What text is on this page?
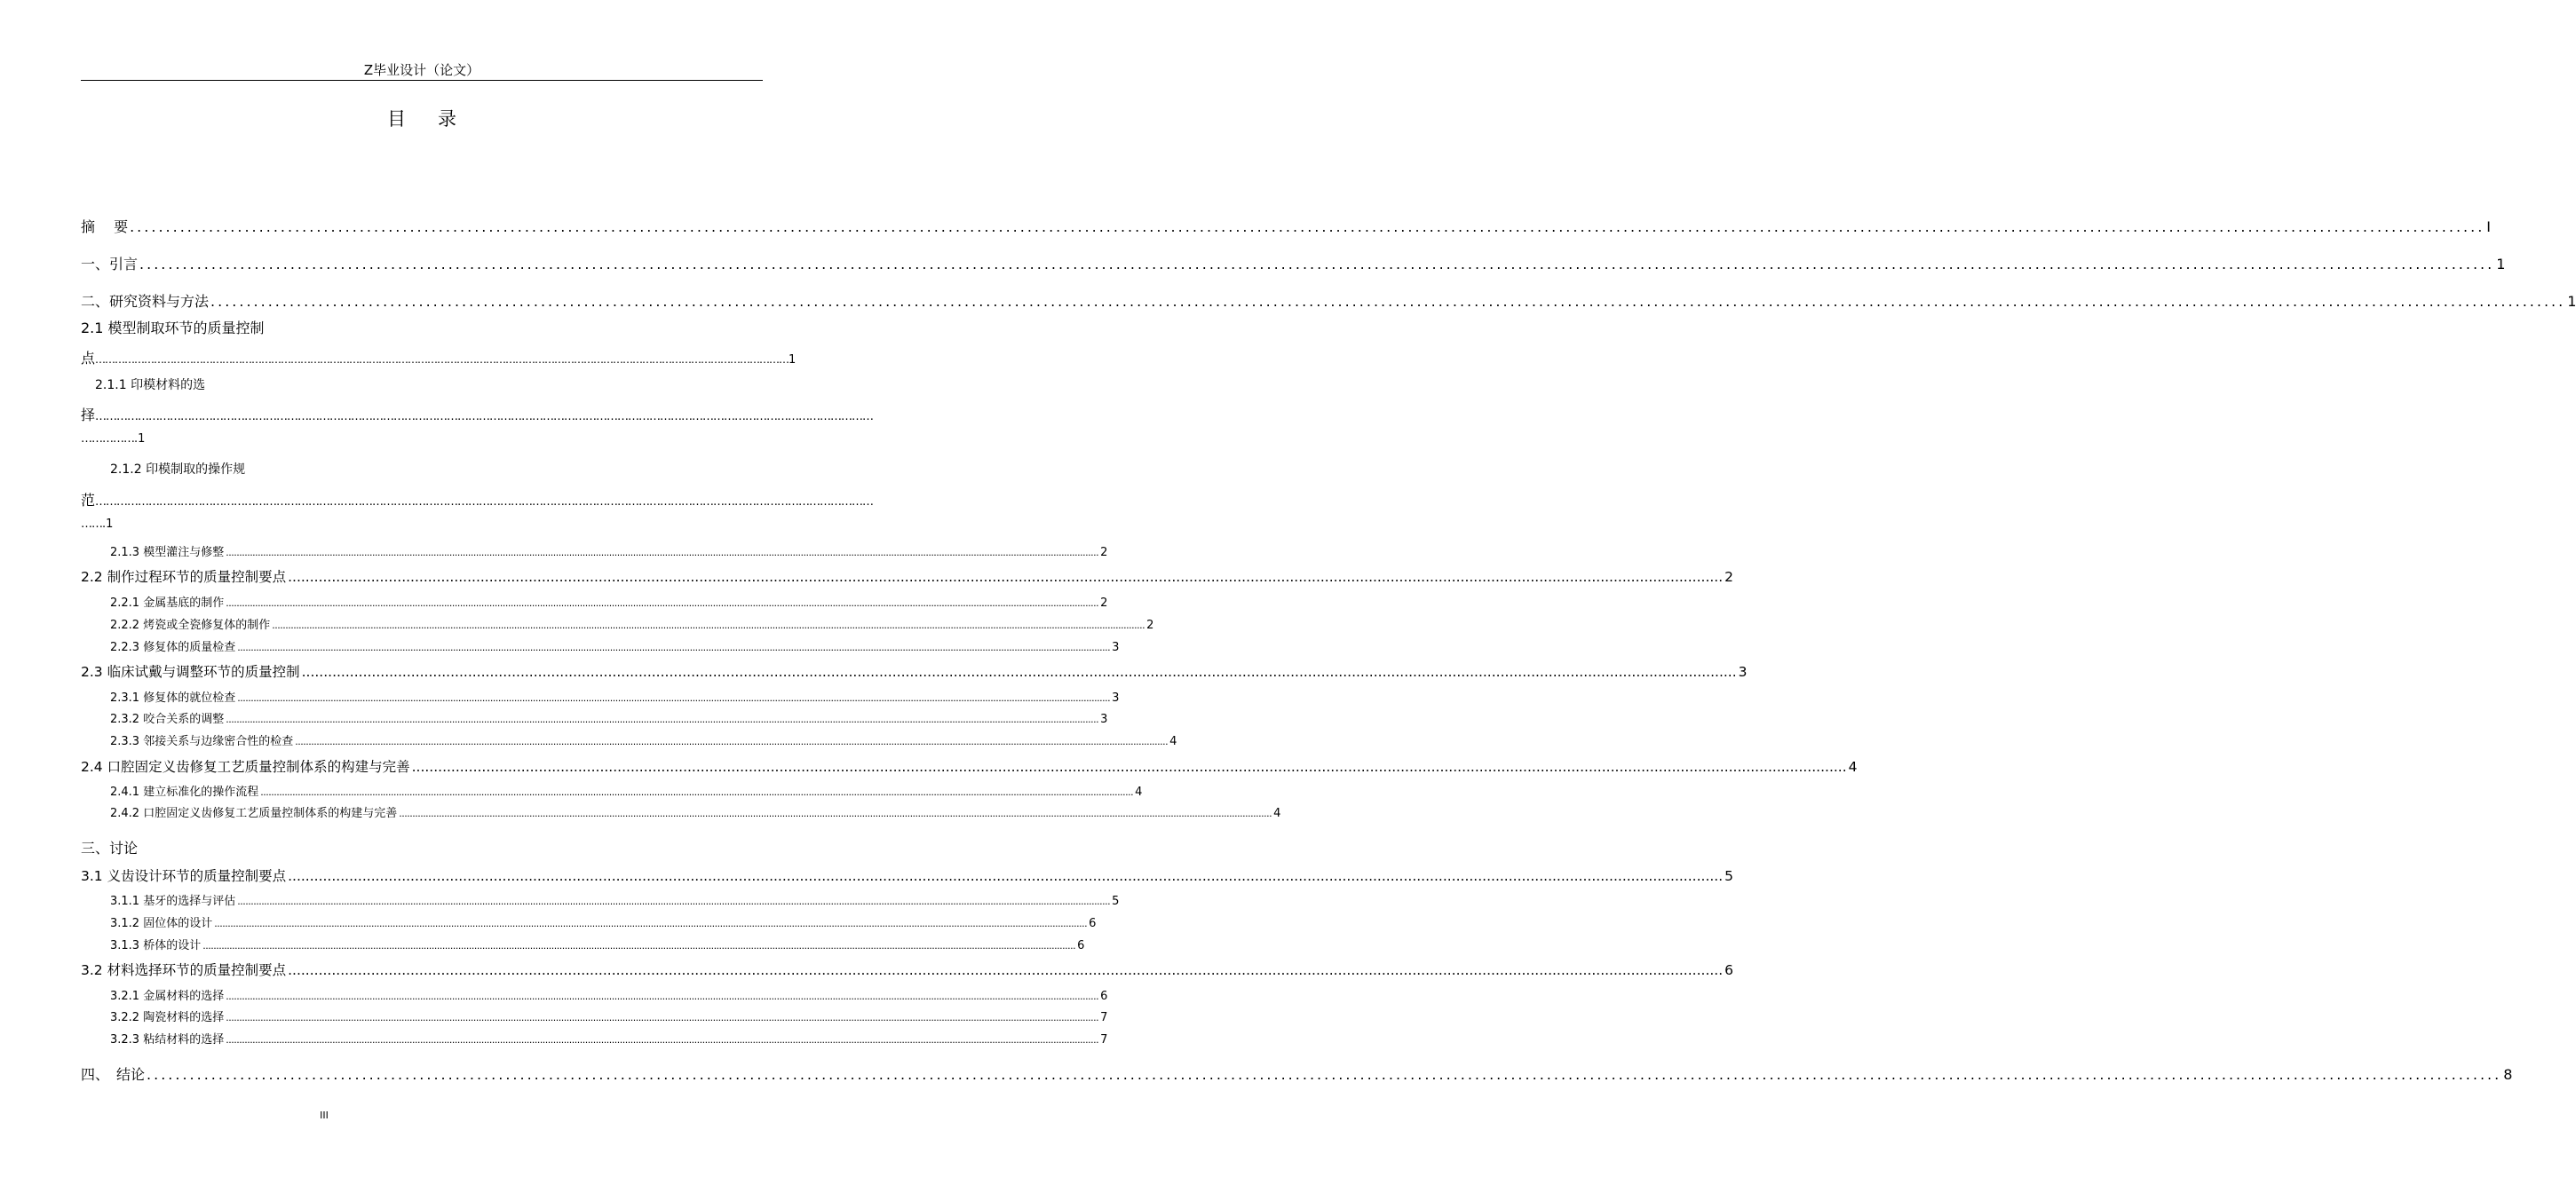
Z毕业设计（论文）
目录
摘　 要 .....	I
一、引言 .....	1
二、研究资料与方法 .....	1
2.1 模型制取环节的质量控制
点 …………………………………………………………………………………………………………………………………………………………………………………………… 1
2.1.1 印模材料的选
择 …………………………………………………………………………………………………………………………………………………………………………………………………
…………….1
2.1.2 印模制取的操作规
范 …………………………………………………………………………………………………………………………………………………………………………………………………
…….1
2.1.3 模型灌注与修整 .....	2
2.2 制作过程环节的质量控制要点 .....	2
2.2.1 金属基底的制作 .....	2
2.2.2 烤瓷或全瓷修复体的制作 .....	2
2.2.3 修复体的质量检查 .....	3
2.3 临床试戴与调整环节的质量控制 .....	3
2.3.1 修复体的就位检查 .....	3
2.3.2 咬合关系的调整 .....	3
2.3.3 邻接关系与边缘密合性的检查 .....	4
2.4 口腔固定义齿修复工艺质量控制体系的构建与完善 .....	4
2.4.1 建立标准化的操作流程 .....	4
2.4.2 口腔固定义齿修复工艺质量控制体系的构建与完善 .....	4
三、讨论
3.1 义齿设计环节的质量控制要点 .....	5
3.1.1 基牙的选择与评估 .....	5
3.1.2 固位体的设计 .....	6
3.1.3 桥体的设计 .....	6
3.2 材料选择环节的质量控制要点 .....	6
3.2.1 金属材料的选择 .....	6
3.2.2 陶瓷材料的选择 .....	7
3.2.3 粘结材料的选择 .....	7
四、　结论 .....	8
III
